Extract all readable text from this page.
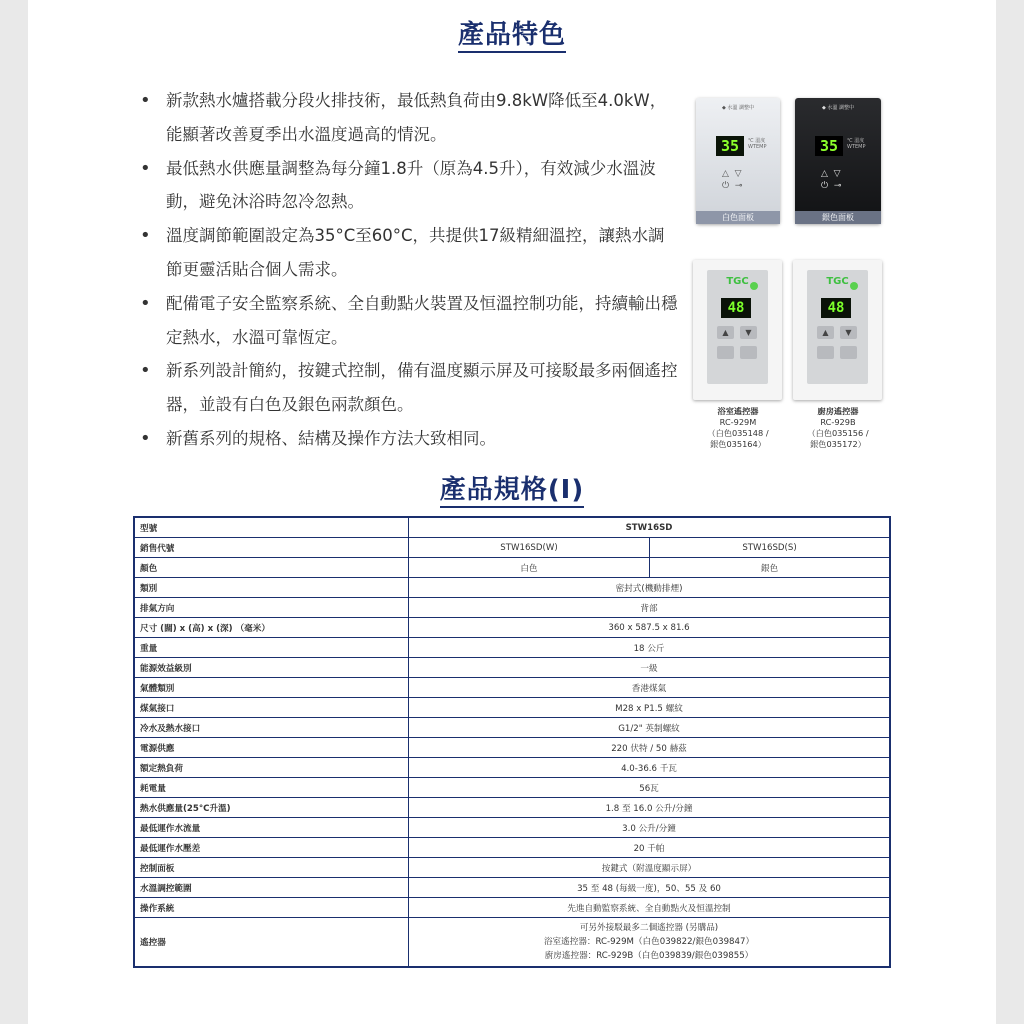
產品特色
• 新款熱水爐搭載分段火排技術，最低熱負荷由9.8kW降低至4.0kW，能顯著改善夏季出水溫度過高的情況。
• 最低熱水供應量調整為每分鐘1.8升（原為4.5升），有效減少水溫波動，避免沐浴時忽冷忽熱。
• 溫度調節範圍設定為35°C至60°C，共提供17級精細溫控，讓熱水調節更靈活貼合個人需求。
• 配備電子安全監察系統、全自動點火裝置及恒溫控制功能，持續輸出穩定熱水，水溫可靠恆定。
• 新系列設計簡約，按鍵式控制，備有溫度顯示屏及可接駁最多兩個遙控器，並設有白色及銀色兩款顏色。
• 新舊系列的規格、結構及操作方法大致相同。
◆ 水溫 調整中
35	℃ 溫度 WTEMP
△  ▽
⏻  ⊸
白色面板
◆ 水溫 調整中
35	℃ 溫度 WTEMP
△  ▽
⏻  ⊸
銀色面板
TGC
48
▲	▼
TGC
48
▲	▼
浴室遙控器
RC-929M
（白色035148 /
銀色035164）
廚房遙控器
RC-929B
（白色035156 /
銀色035172）
產品規格(I)
型號	STW16SD	
銷售代號	STW16SD(W)	STW16SD(S)
顏色	白色	銀色
類別	密封式(機動排煙)	
排氣方向	背部	
尺寸 (闊) x (高) x (深) （毫米）	360 x 587.5 x 81.6	
重量	18 公斤	
能源效益級別	一級	
氣體類別	香港煤氣	
煤氣接口	M28 x P1.5 螺紋	
冷水及熱水接口	G1/2" 英制螺紋	
電源供應	220 伏特 / 50 赫茲	
額定熱負荷	4.0-36.6 千瓦	
耗電量	56瓦	
熱水供應量(25°C升溫)	1.8 至 16.0 公升/分鐘	
最低運作水流量	3.0 公升/分鐘	
最低運作水壓差	20 千帕	
控制面板	按鍵式（附溫度顯示屏）	
水溫調控範圍	35 至 48 (每級一度)，50、55 及 60	
操作系統	先進自動監察系統、全自動點火及恒溫控制	
遙控器	可另外接駁最多二個遙控器 (另購品)
浴室遙控器：RC-929M（白色039822/銀色039847）
廚房遙控器：RC-929B（白色039839/銀色039855）	
